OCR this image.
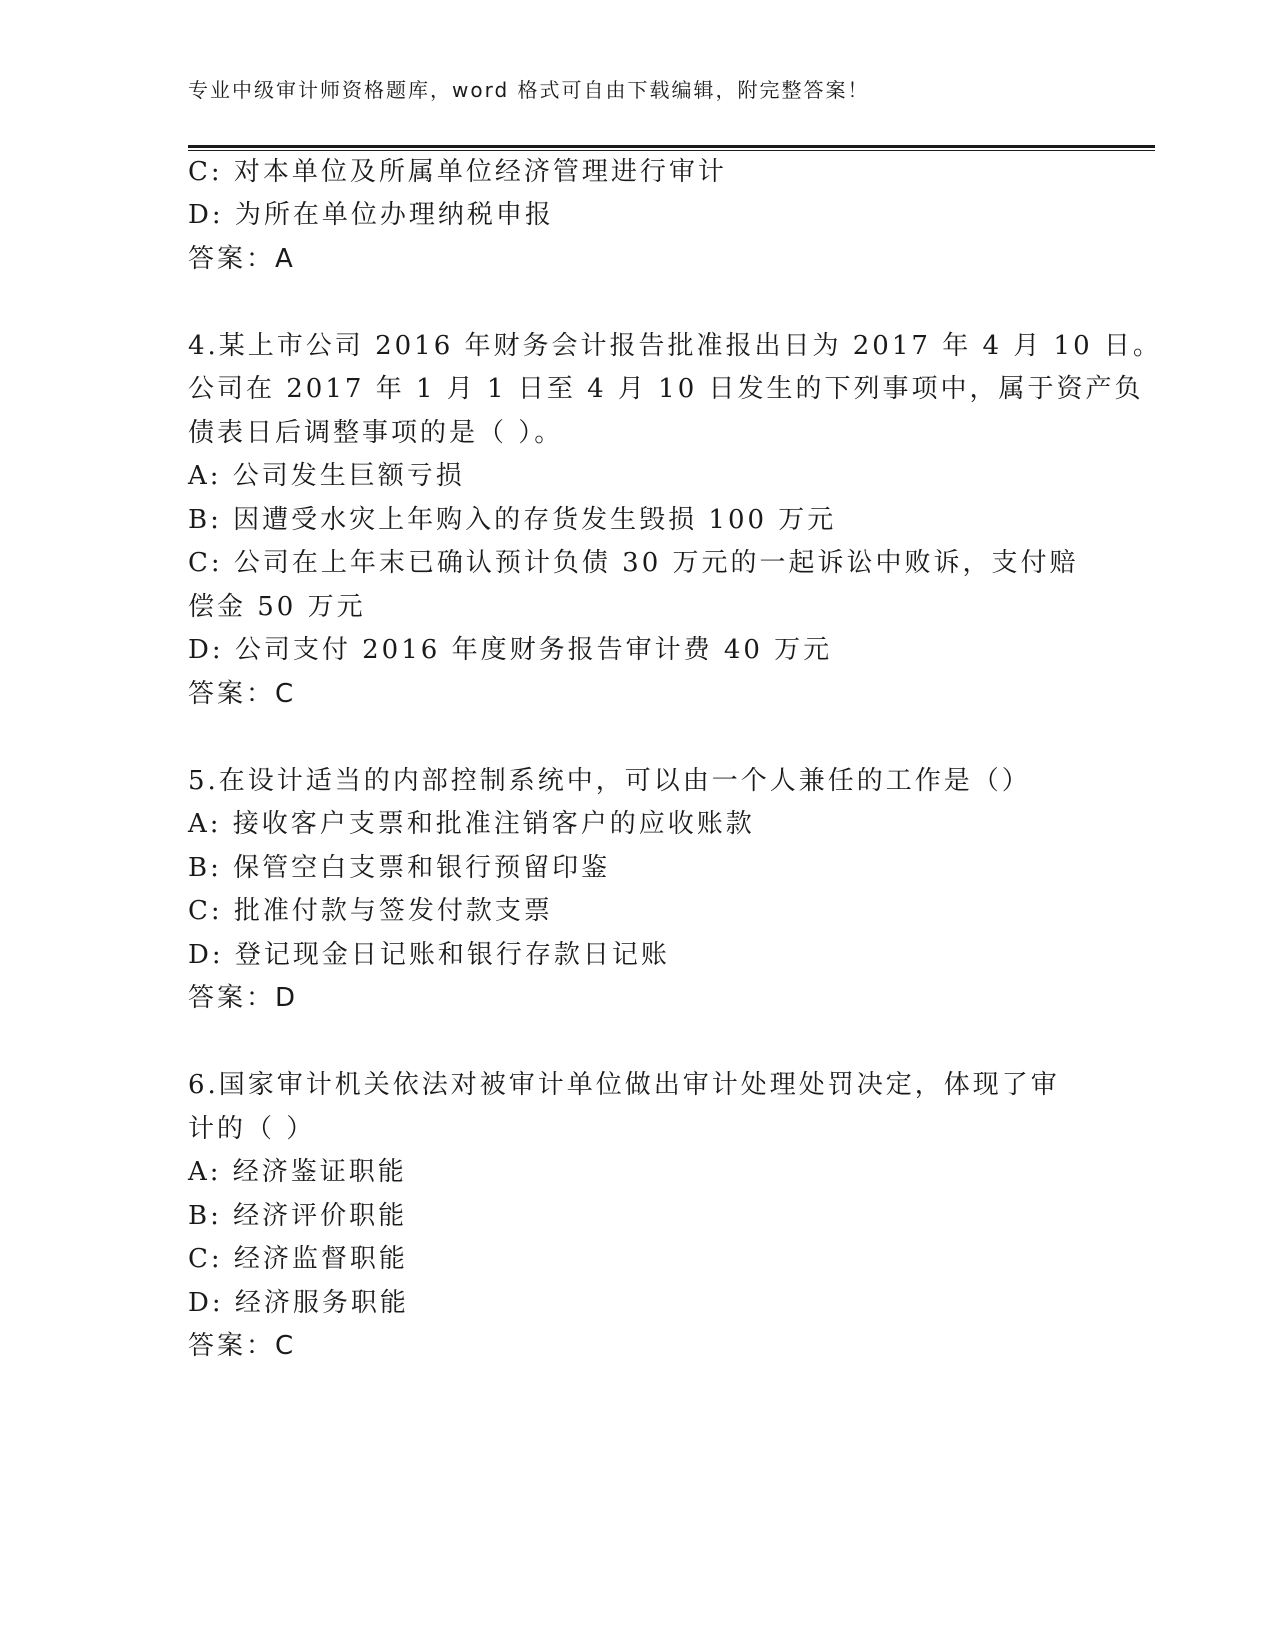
专业中级审计师资格题库，word 格式可自由下载编辑，附完整答案！
C: 对本单位及所属单位经济管理进行审计
D: 为所在单位办理纳税申报
答案：A
4.某上市公司 2016 年财务会计报告批准报出日为 2017 年 4 月 10 日。
公司在 2017 年 1 月 1 日至 4 月 10 日发生的下列事项中，属于资产负
债表日后调整事项的是（ ）。
A: 公司发生巨额亏损
B: 因遭受水灾上年购入的存货发生毁损 100 万元
C: 公司在上年末已确认预计负债 30 万元的一起诉讼中败诉，支付赔
偿金 50 万元
D: 公司支付 2016 年度财务报告审计费 40 万元
答案：C
5.在设计适当的内部控制系统中，可以由一个人兼任的工作是（）
A: 接收客户支票和批准注销客户的应收账款
B: 保管空白支票和银行预留印鉴
C: 批准付款与签发付款支票
D: 登记现金日记账和银行存款日记账
答案：D
6.国家审计机关依法对被审计单位做出审计处理处罚决定，体现了审
计的（ ）
A: 经济鉴证职能
B: 经济评价职能
C: 经济监督职能
D: 经济服务职能
答案：C
